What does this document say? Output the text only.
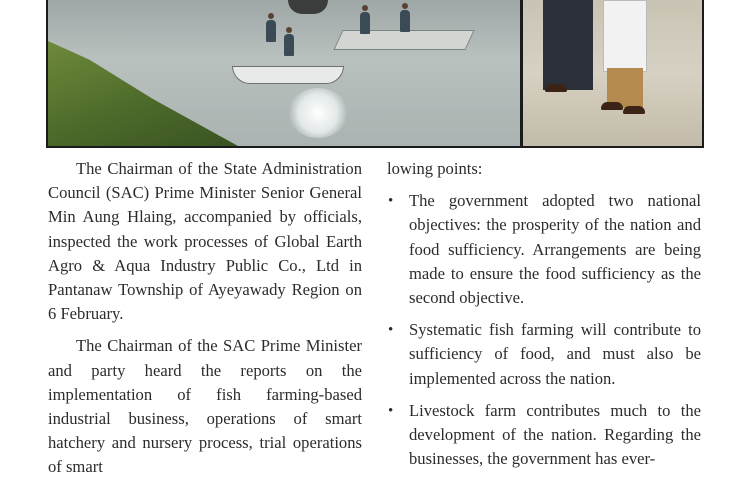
The Chairman of the State Administration Council (SAC) Prime Minister Senior General Min Aung Hlaing, accompanied by officials, inspected the work processes of Global Earth Agro & Aqua Industry Public Co., Ltd in Pantanaw Township of Ayeyawady Region on 6 February.

The Chairman of the SAC Prime Minister and party heard the reports on the implementation of fish farming-based industrial business, operations of smart hatchery and nursery process, trial operations of smart

lowing points:

• The government adopted two national objectives: the prosperity of the nation and food sufficiency. Arrangements are being made to ensure the food sufficiency as the second objective.
• Systematic fish farming will contribute to sufficiency of food, and must also be implemented across the nation.
• Livestock farm contributes much to the development of the nation. Regarding the businesses, the government has ever-
